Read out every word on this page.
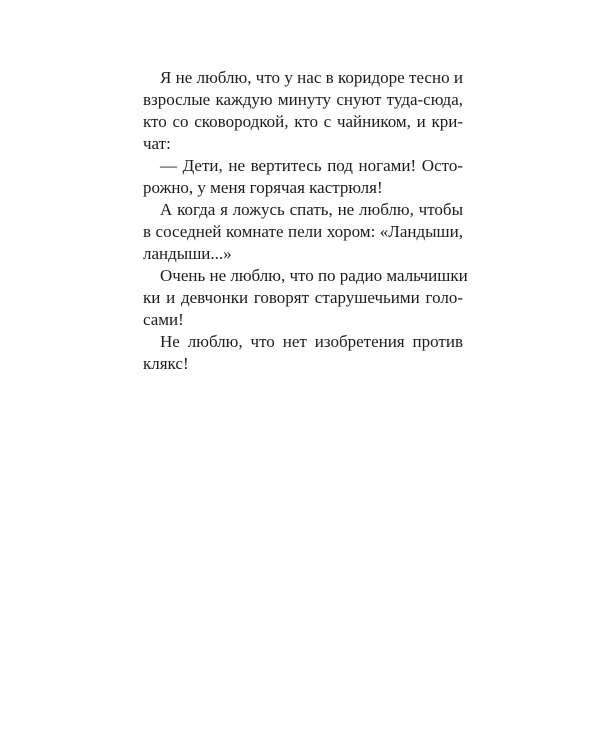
Я не люблю, что у нас в коридоре тесно и
взрослые каждую минуту снуют туда-сюда,
кто со сковородкой, кто с чайником, и кри-
чат:
— Дети, не вертитесь под ногами! Осто-
рожно, у меня горячая кастрюля!
А когда я ложусь спать, не люблю, чтобы
в соседней комнате пели хором: «Ландыши,
ландыши...»
Очень не люблю, что по радио мальчишки
ки и девчонки говорят старушечьими голо-
сами!
Не люблю, что нет изобретения против
клякс!
